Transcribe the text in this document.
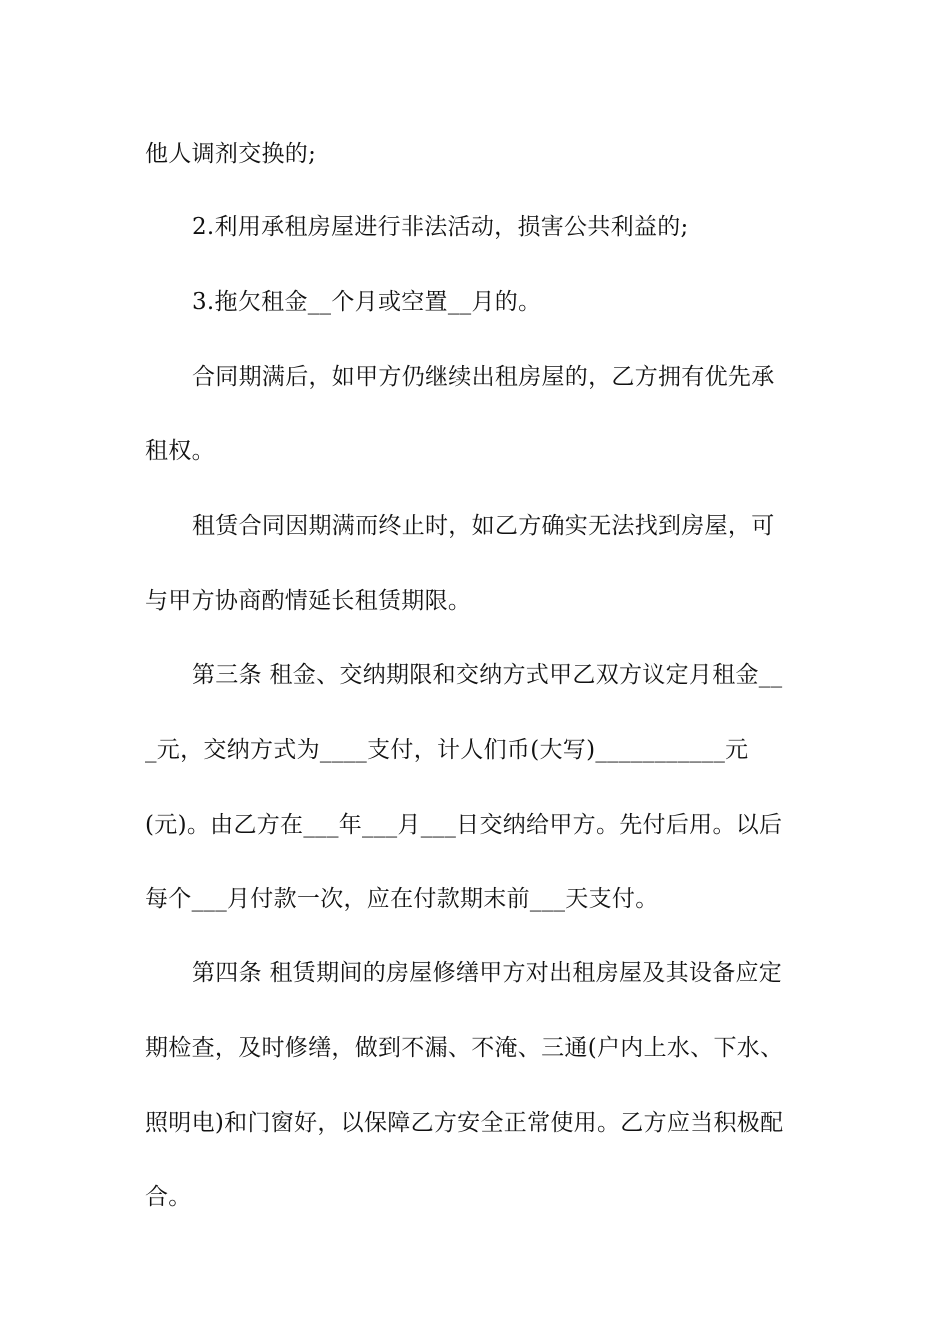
他人调剂交换的;
2.利用承租房屋进行非法活动，损害公共利益的;
3.拖欠租金__个月或空置__月的。
合同期满后，如甲方仍继续出租房屋的，乙方拥有优先承
租权。
租赁合同因期满而终止时，如乙方确实无法找到房屋，可
与甲方协商酌情延长租赁期限。
第三条 租金、交纳期限和交纳方式甲乙双方议定月租金__
_元，交纳方式为____支付，计人们币(大写)___________元
(元)。由乙方在___年___月___日交纳给甲方。先付后用。以后
每个___月付款一次，应在付款期末前___天支付。
第四条 租赁期间的房屋修缮甲方对出租房屋及其设备应定
期检查，及时修缮，做到不漏、不淹、三通(户内上水、下水、
照明电)和门窗好，以保障乙方安全正常使用。乙方应当积极配
合。
